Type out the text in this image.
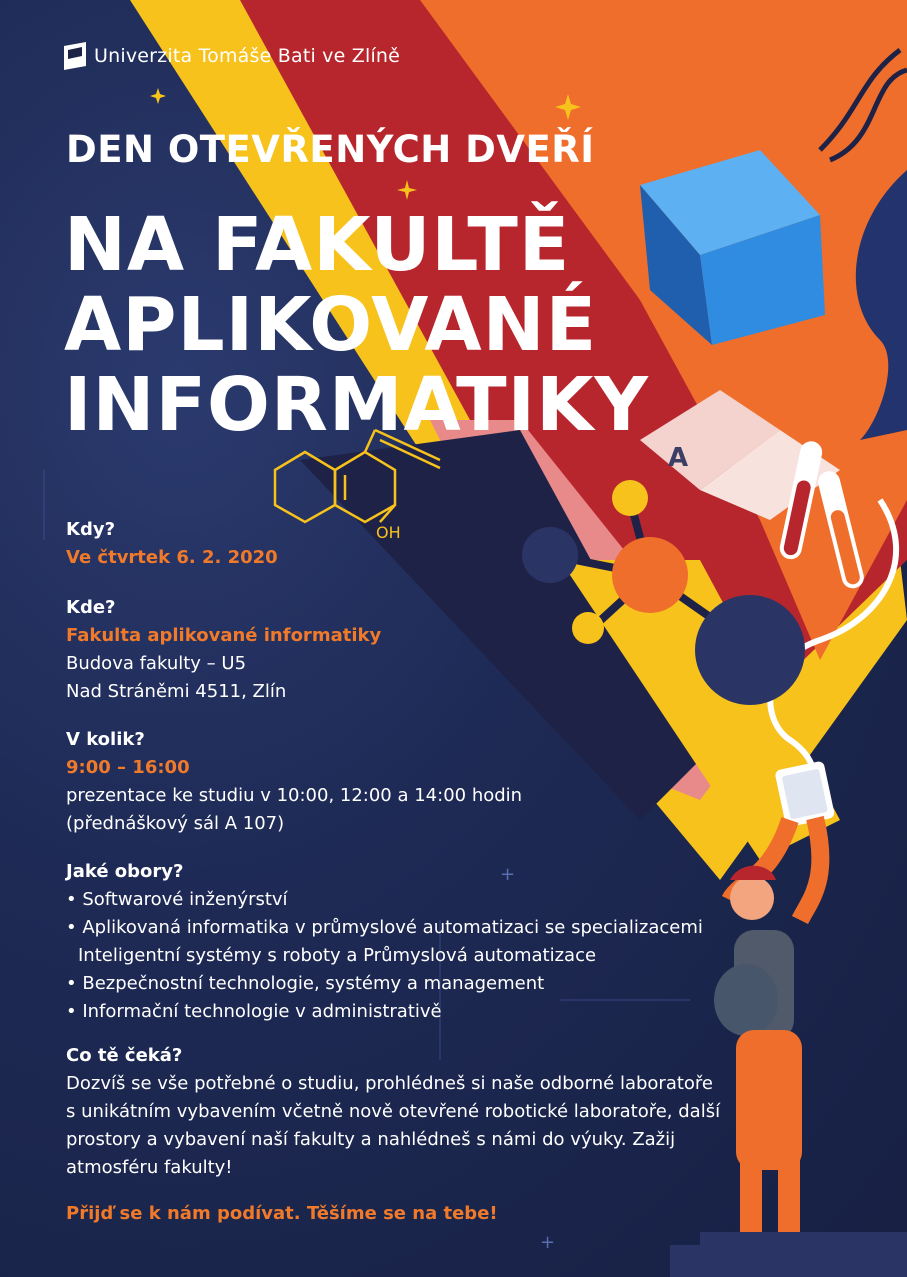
A
OH
+
+
Univerzita Tomáše Bati ve Zlíně
DEN OTEVŘENÝCH DVEŘÍ
NA FAKULTĚ
APLIKOVANÉ
INFORMATIKY

Kdy?

Ve čtvrtek 6. 2. 2020

Kde?

Fakulta aplikované informatiky

Budova fakulty – U5

Nad Stráněmi 4511, Zlín

V kolik?

9:00 – 16:00

prezentace ke studiu v 10:00, 12:00 a 14:00 hodin

(přednáškový sál A 107)

Jaké obory?

• Softwarové inženýrství

• Aplikovaná informatika v průmyslové automatizaci se specializacemi

Inteligentní systémy s roboty a Průmyslová automatizace

• Bezpečnostní technologie, systémy a management

• Informační technologie v administrativě

Co tě čeká?

Dozvíš se vše potřebné o studiu, prohlédneš si naše odborné laboratoře

s unikátním vybavením včetně nově otevřené robotické laboratoře, další

prostory a vybavení naší fakulty a nahlédneš s námi do výuky. Zažij

atmosféru fakulty!

Přijď se k nám podívat. Těšíme se na tebe!
